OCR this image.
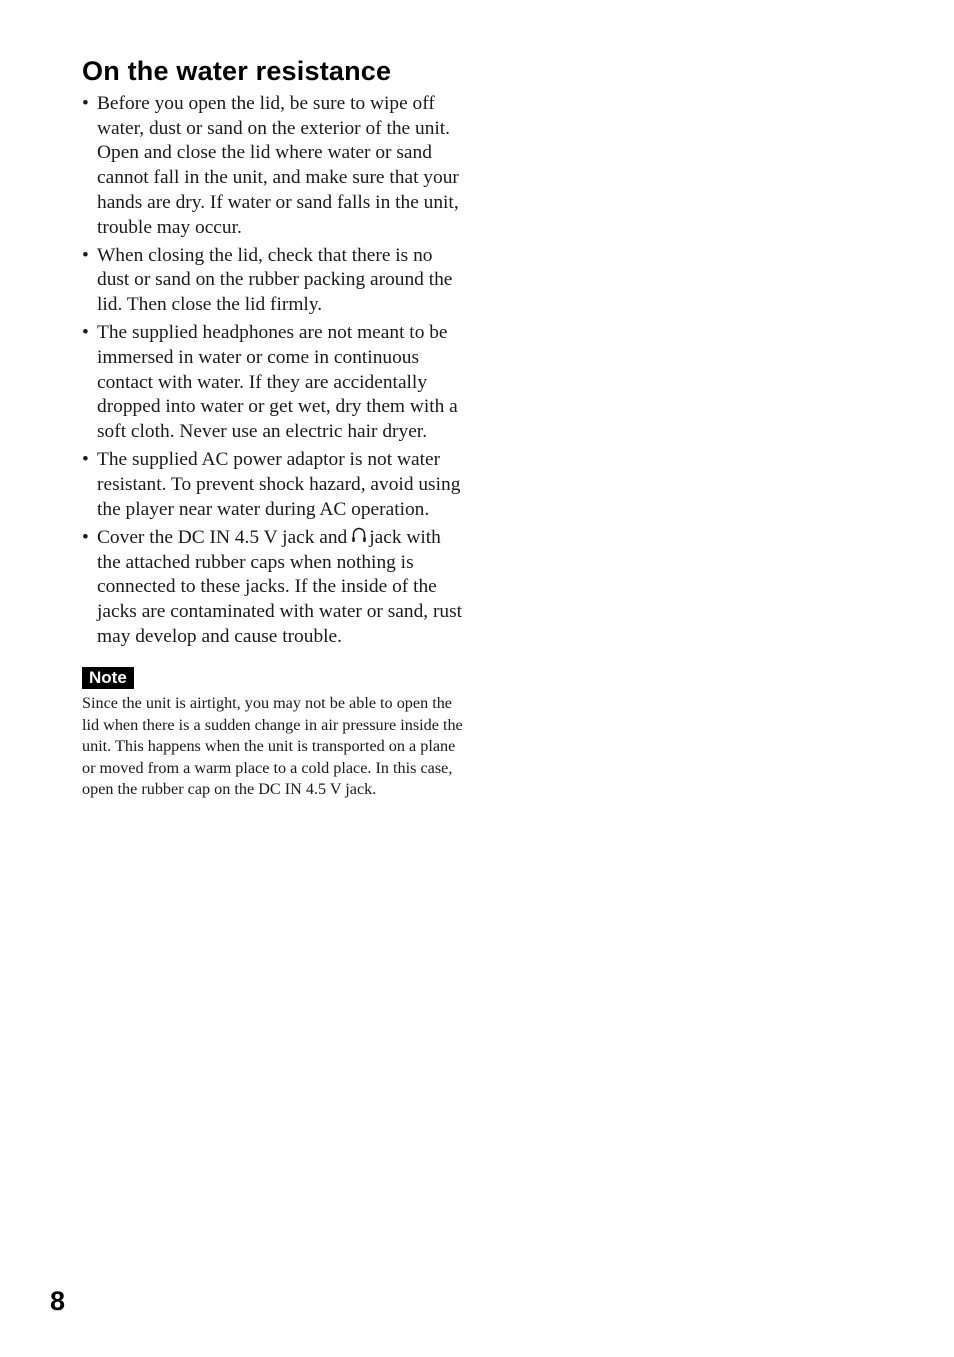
On the water resistance
• Before you open the lid, be sure to wipe off water, dust or sand on the exterior of the unit. Open and close the lid where water or sand cannot fall in the unit, and make sure that your hands are dry. If water or sand falls in the unit, trouble may occur.
• When closing the lid, check that there is no dust or sand on the rubber packing around the lid. Then close the lid firmly.
• The supplied headphones are not meant to be immersed in water or come in continuous contact with water. If they are accidentally dropped into water or get wet, dry them with a soft cloth. Never use an electric hair dryer.
• The supplied AC power adaptor is not water resistant. To prevent shock hazard, avoid using the player near water during AC operation.
• Cover the DC IN 4.5 V jack and jack with the attached rubber caps when nothing is connected to these jacks. If the inside of the jacks are contaminated with water or sand, rust may develop and cause trouble.
Note
Since the unit is airtight, you may not be able to open the lid when there is a sudden change in air pressure inside the unit. This happens when the unit is transported on a plane or moved from a warm place to a cold place. In this case, open the rubber cap on the DC IN 4.5 V jack.
8
